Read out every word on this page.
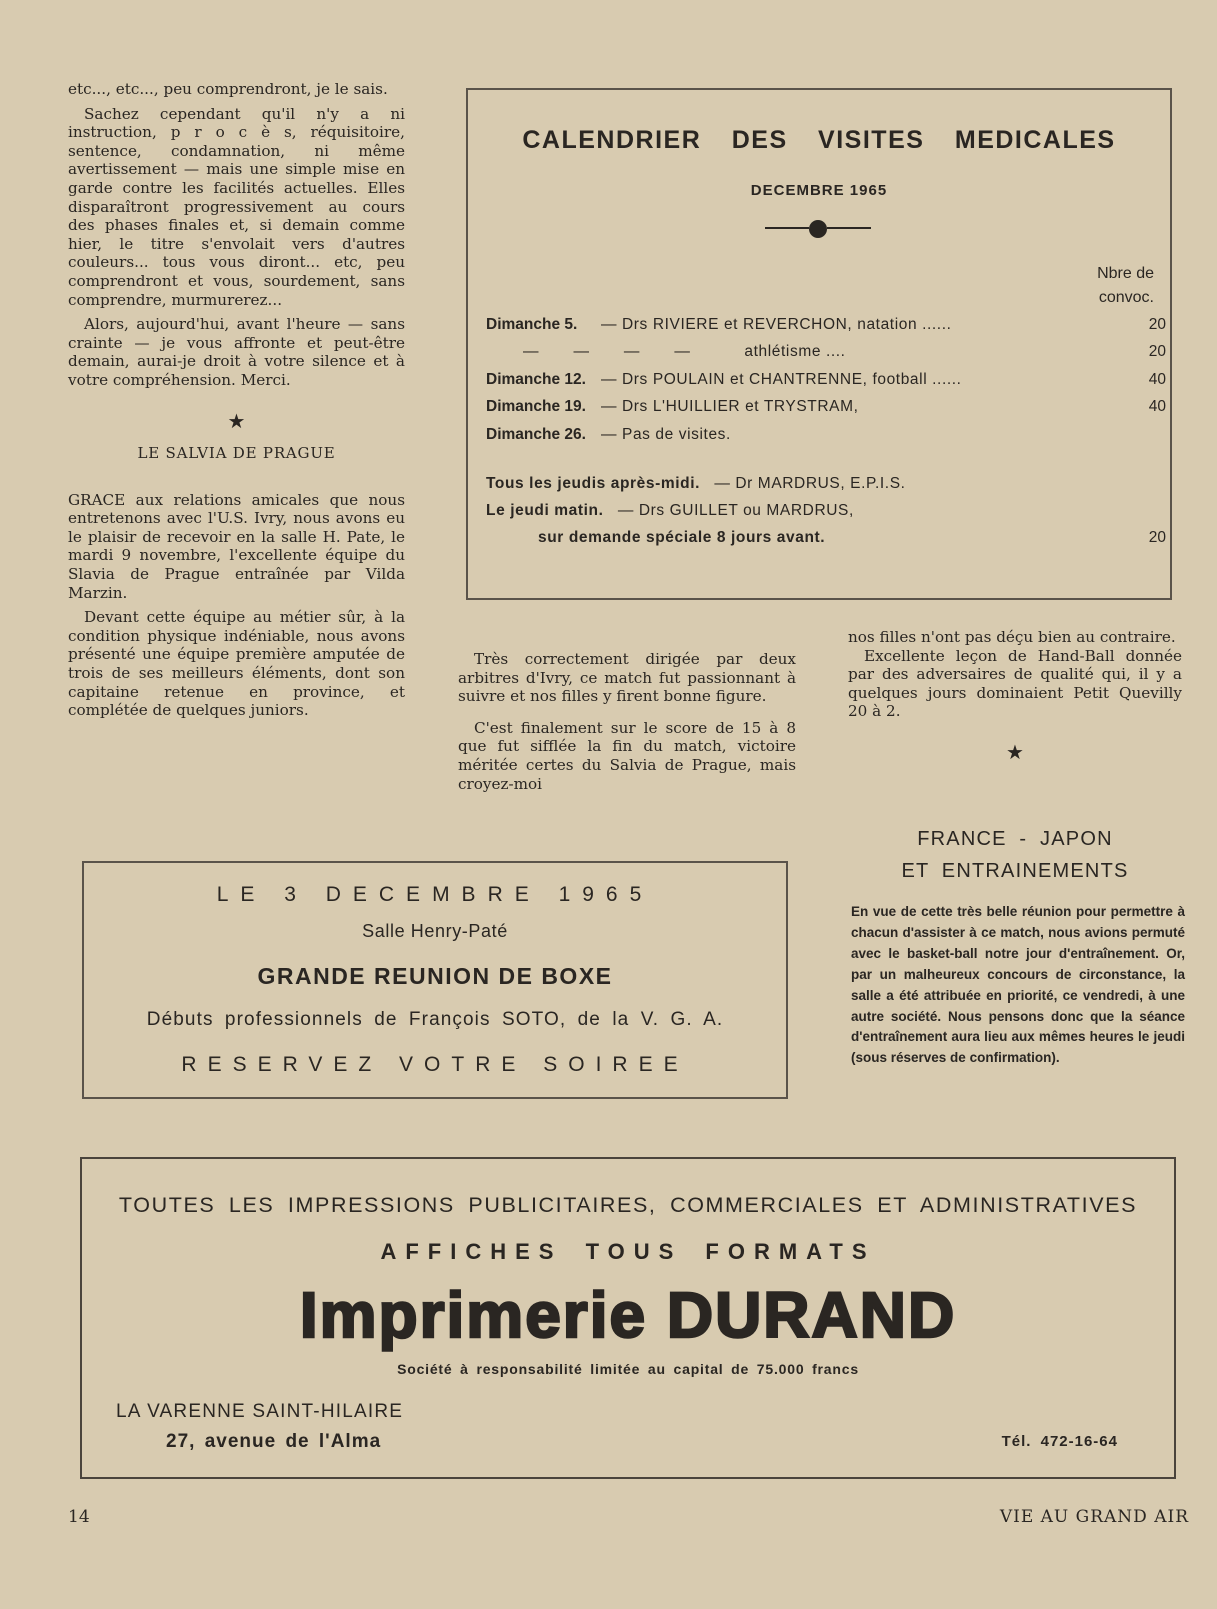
etc..., etc..., peu comprendront, je le sais.

Sachez cependant qu'il n'y a ni instruction, p r o c è s, réquisitoire, sentence, condamnation, ni même avertissement — mais une simple mise en garde contre les facilités actuelles. Elles disparaîtront progressivement au cours des phases finales et, si demain comme hier, le titre s'envolait vers d'autres couleurs... tous vous diront... etc, peu comprendront et vous, sourdement, sans comprendre, murmurerez...

Alors, aujourd'hui, avant l'heure — sans crainte — je vous affronte et peut-être demain, aurai-je droit à votre silence et à votre compréhension. Merci.

★
LE SALVIA DE PRAGUE

GRACE aux relations amicales que nous entretenons avec l'U.S. Ivry, nous avons eu le plaisir de recevoir en la salle H. Pate, le mardi 9 novembre, l'excellente équipe du Slavia de Prague entraînée par Vilda Marzin.

Devant cette équipe au métier sûr, à la condition physique indéniable, nous avons présenté une équipe première amputée de trois de ses meilleurs éléments, dont son capitaine retenue en province, et complétée de quelques juniors.

CALENDRIER DES VISITES MEDICALES
DECEMBRE 1965
Nbre de
convoc.
Dimanche 5. — Drs RIVIERE et REVERCHON, natation ......	20
—       —       —       —           athlétisme ....	20
Dimanche 12. — Drs POULAIN et CHANTRENNE, football ......	40
Dimanche 19. — Drs L'HUILLIER et TRYSTRAM,	40
Dimanche 26. — Pas de visites.
Tous les jeudis après-midi. — Dr MARDRUS, E.P.I.S.
Le jeudi matin. — Drs GUILLET ou MARDRUS,
sur demande spéciale 8 jours avant.	20

Très correctement dirigée par deux arbitres d'Ivry, ce match fut passionnant à suivre et nos filles y firent bonne figure.

C'est finalement sur le score de 15 à 8 que fut sifflée la fin du match, victoire méritée certes du Salvia de Prague, mais croyez-moi

nos filles n'ont pas déçu bien au contraire.

Excellente leçon de Hand-Ball donnée par des adversaires de qualité qui, il y a quelques jours dominaient Petit Quevilly 20 à 2.

★
FRANCE - JAPON
ET ENTRAINEMENTS
En vue de cette très belle réunion pour permettre à chacun d'assister à ce match, nous avions permuté avec le basket-ball notre jour d'entraînement. Or, par un malheureux concours de circonstance, la salle a été attribuée en priorité, ce vendredi, à une autre société. Nous pensons donc que la séance d'entraînement aura lieu aux mêmes heures le jeudi (sous réserves de confirmation).
LE 3 DECEMBRE 1965
Salle Henry-Paté
GRANDE REUNION DE BOXE
Débuts professionnels de François SOTO, de la V. G. A.
RESERVEZ VOTRE SOIREE
TOUTES LES IMPRESSIONS PUBLICITAIRES, COMMERCIALES ET ADMINISTRATIVES
AFFICHES TOUS FORMATS
Imprimerie DURAND
Société à responsabilité limitée au capital de 75.000 francs
LA VARENNE SAINT-HILAIRE
27, avenue de l'Alma	Tél. 472-16-64
14	VIE AU GRAND AIR
